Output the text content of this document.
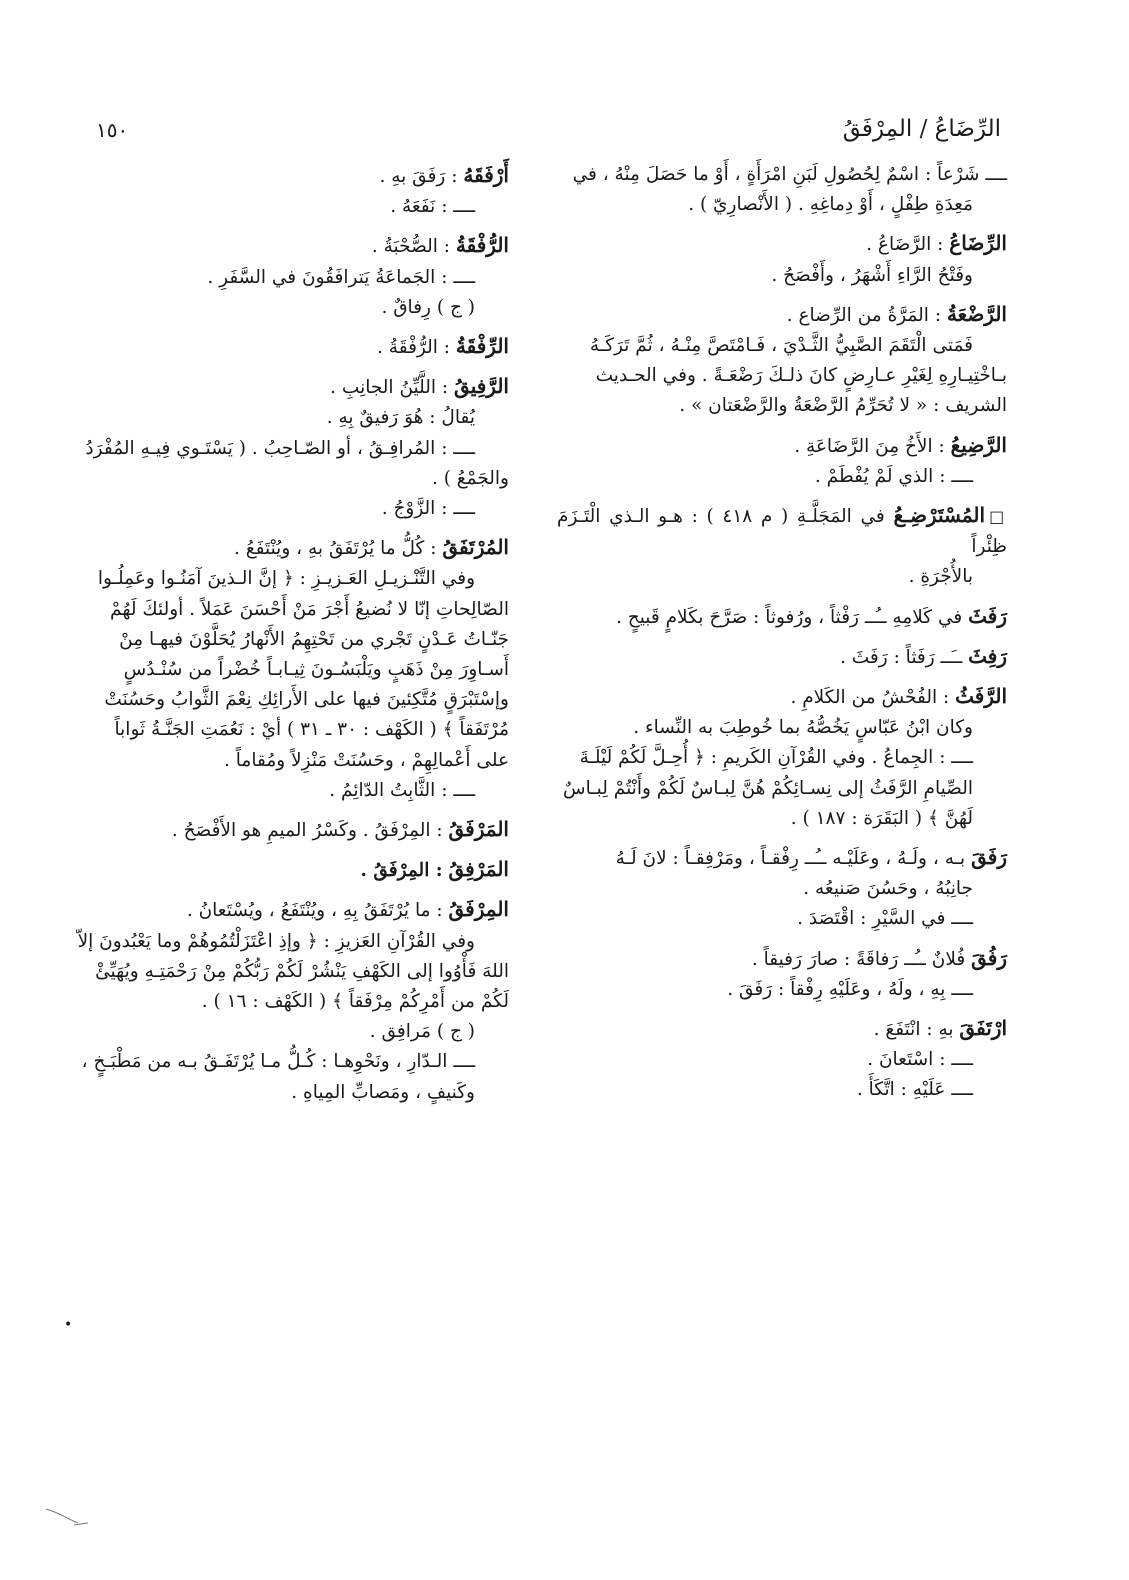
١٥٠	الرِّضَاعُ / المِرْفَقُ
ــــ شَرْعاً : اسْمٌ لِحُصُولِ لَبَنِ امْرَأَةٍ ، أَوْ ما حَصَلَ مِنْهُ ، في
مَعِدَةِ طِفْلٍ ، أَوْ دِماغِهِ . ( الأَنْصارِيّ ) .
الرِّضَاعُ : الرَّضَاعُ .
وفَتْحُ الرَّاءِ أَشْهَرُ ، وأَفْصَحُ .
الرَّضْعَةُ : المَرَّةُ من الرِّضاع .
فَمَتى الْتَقَمَ الصَّبِيُّ الثَّـدْيَ ، فَـامْتَصَّ مِنْـهُ ، ثُمَّ تَرَكَـهُ
بـاخْتِيـارِهِ لِغَيْرِ عـارِضٍ كانَ ذلـكَ رَضْعَـةً . وفي الحـديث
الشريف : « لا تُحَرِّمُ الرَّضْعَةُ والرَّضْعَتان » .
الرَّضِيعُ : الأَخُ مِنَ الرَّضَاعَةِ .
ــــ : الذي لَمْ يُفْطَمْ .
□المُسْتَرْضِـعُ في المَجَلَّـةِ ( م ٤١٨ ) : هـو الـذي الْتَـزَمَ ظِئْراً
بالأُجْرَةِ .
رَفَثَ في كَلامِهِ ــُــ رَفْثاً ، ورُفوثاً : صَرَّحَ بكَلامٍ قَبيحٍ .
رَفِثَ ــَــ رَفَثاً : رَفَثَ .
الرَّفَثُ : الفُحْشُ من الكَلامِ .
وكان ابْنُ عَبّاسٍ يَخُصُّهُ بما خُوطِبَ به النِّساء .
ــــ : الجِماعُ . وفي القُرْآنِ الكَريمِ : ﴿ أُحِـلَّ لَكُمْ لَيْلَـةَ
الصِّيامِ الرَّفَثُ إلى نِسـائِكُمْ هُنَّ لِبـاسٌ لَكُمْ وأَنْتُمْ لِبـاسٌ
لَهُنَّ ﴾ ( البَقَرَة : ١٨٧ ) .
رَفَقَ بـه ، ولَـهُ ، وعَلَيْـه ــُــ رِفْقـاً ، ومَرْفِقـاً : لانَ لَـهُ
جانِبُهُ ، وحَسُنَ صَنيعُه .
ــــ في السَّيْرِ : اقْتَصَدَ .
رَفُقَ فُلانٌ ــُــ رَفاقَةً : صارَ رَفيقاً .
ــــ بِهِ ، ولَهُ ، وعَلَيْهِ رِفْقاً : رَفَقَ .
ارْتَفَقَ بهِ : انْتَفَعَ .
ــــ : اسْتَعانَ .
ــــ عَلَيْهِ : اتَّكَأَ .
أَرْفَقَهُ : رَفَقَ بهِ .
ــــ : نَفَعَهُ .
الرُّفْقَةُ : الصُّحْبَةُ .
ــــ : الجَماعَةُ يَترافَقُونَ في السَّفَرِ .
( ج ) رِفاقٌ .
الرِّفْقَةُ : الرُّفْقَةُ .
الرَّفِيقُ : اللَّيِّنُ الجانِبِ .
يُقالُ : هُوَ رَفيقٌ بِهِ .
ــــ : المُرافِـقُ ، أو الصّـاحِبُ . ( يَسْتَـوي فِيـهِ المُفْرَدُ
والجَمْعُ ) .
ــــ : الزَّوْجُ .
المُرْتَفَقُ : كُلُّ ما يُرْتَفَقُ بهِ ، ويُنْتَفَعُ .
وفي التَّنْـزيـلِ العَـزيـزِ : ﴿ إنَّ الـذينَ آمَنُـوا وعَمِلُـوا
الصّالِحاتِ إنّا لا نُضيعُ أَجْرَ مَنْ أَحْسَنَ عَمَلاً . أولئكَ لَهُمْ
جَنّـاتُ عَـدْنٍ تَجْري من تَحْتِهِمُ الأَنْهارُ يُحَلَّوْنَ فيهـا مِنْ
أَسـاوِرَ مِنْ ذَهَبٍ ويَلْبَسُـونَ ثِيـابـاً خُضْراً من سُنْـدُسٍ
وإسْتَبْرَقٍ مُتَّكِئينَ فيها على الأَرائِكِ نِعْمَ الثَّوابُ وحَسُنَتْ
مُرْتَفَقاً ﴾ ( الكَهْف : ٣٠ ـ ٣١ ) أيْ : نَعُمَتِ الجَنَّـةُ ثَواباً
على أَعْمالِهِمْ ، وحَسُنَتْ مَنْزِلاً ومُقاماً .
ــــ : الثَّابِتُ الدّائِمُ .
المَرْفَقُ : المِرْفَقُ . وكَسْرُ الميمِ هو الأَفْصَحُ .
المَرْفِقُ : المِرْفَقُ .
المِرْفَقُ : ما يُرْتَفَقُ بِهِ ، ويُنْتَفَعُ ، ويُسْتَعانُ .
وفي القُرْآنِ العَزيزِ : ﴿ وإذِ اعْتَزَلْتُمُوهُمْ وما يَعْبُدونَ إلاّ
اللهَ فَأْوُوا إلى الكَهْفِ يَنْشُرْ لَكُمْ رَبُّكُمْ مِنْ رَحْمَتِـهِ ويُهَيِّئْ
لَكُمْ من أَمْرِكُمْ مِرْفَقاً ﴾ ( الكَهْف : ١٦ ) .
( ج ) مَرافِق .
ــــ الـدّارِ ، ونَحْوِهـا : كُـلُّ مـا يُرْتَفَـقُ بـه من مَطْبَـخٍ ،
وكَنيفٍ ، ومَصابِّ المِياهِ .
•
